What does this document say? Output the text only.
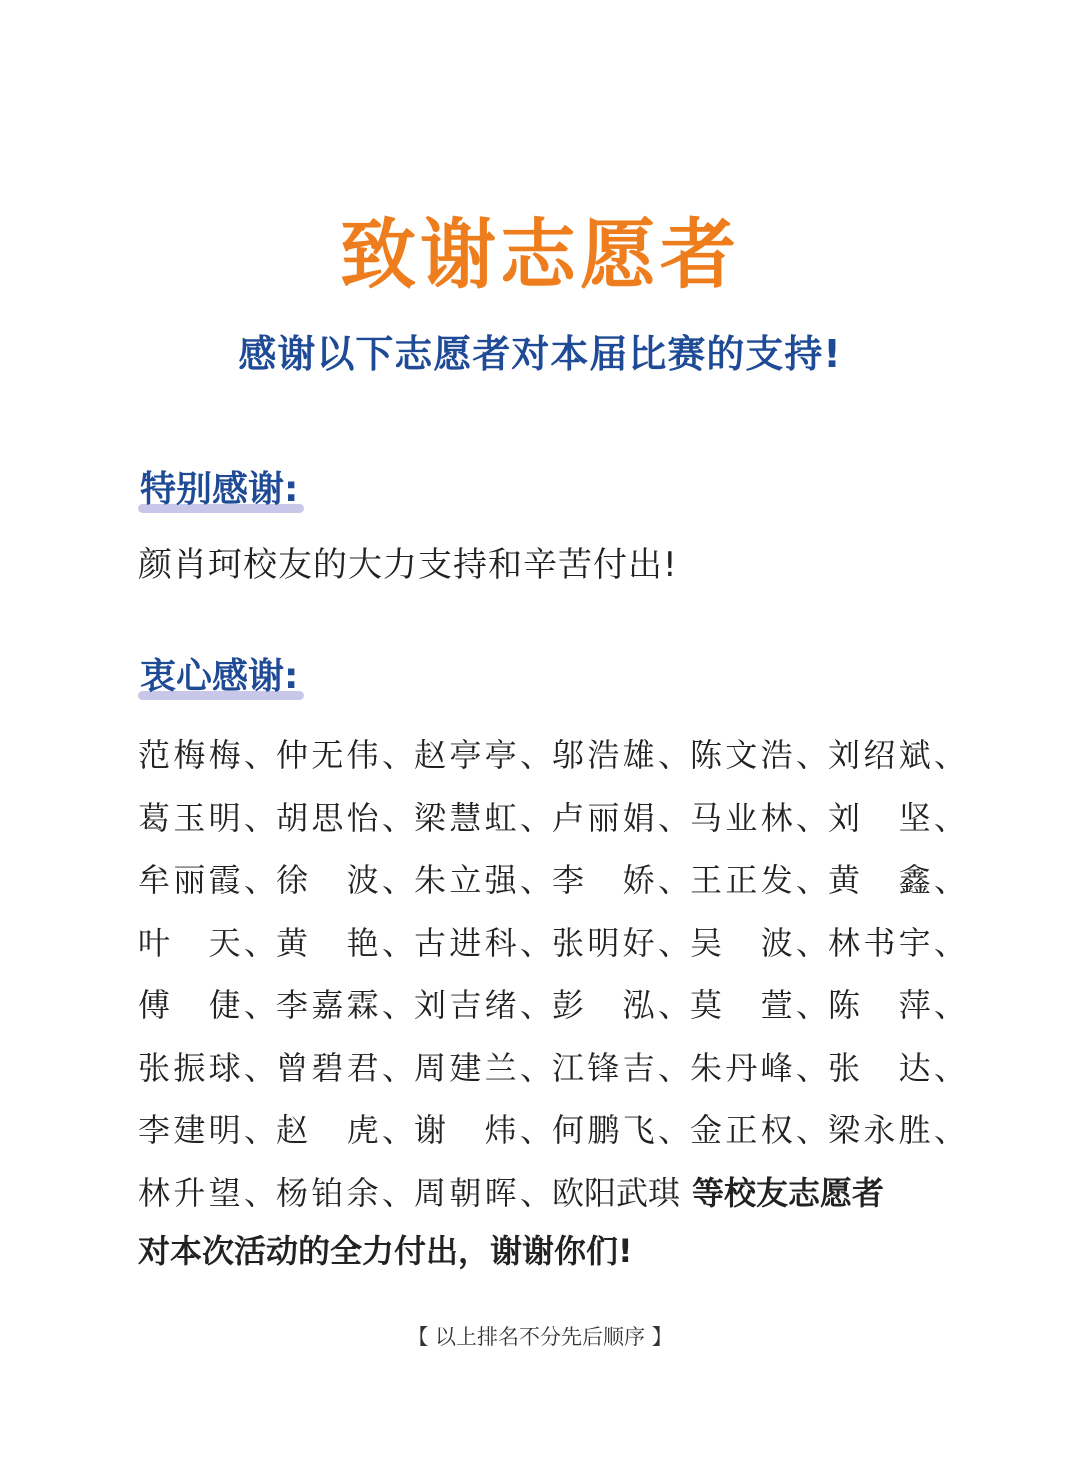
致谢志愿者
感谢以下志愿者对本届比赛的支持!
特别感谢:
颜肖珂校友的大力支持和辛苦付出!
衷心感谢:
范梅梅、 仲无伟、 赵亭亭、 邬浩雄、 陈文浩、 刘绍斌、
葛玉明、 胡思怡、 梁慧虹、 卢丽娟、 马业林、 刘　坚、
牟丽霞、 徐　波、 朱立强、 李　娇、 王正发、 黄　鑫、
叶　天、 黄　艳、 古进科、 张明好、 吴　波、 林书宇、
傅　倢、 李嘉霖、 刘吉绪、 彭　泓、 莫　萱、 陈　萍、
张振球、 曾碧君、 周建兰、 江锋吉、 朱丹峰、 张　达、
李建明、 赵　虎、 谢　炜、 何鹏飞、 金正权、 梁永胜、
林升望、 杨铂余、 周朝晖、 欧阳武琪 等校友志愿者
对本次活动的全力付出，谢谢你们!
【 以上排名不分先后顺序 】
